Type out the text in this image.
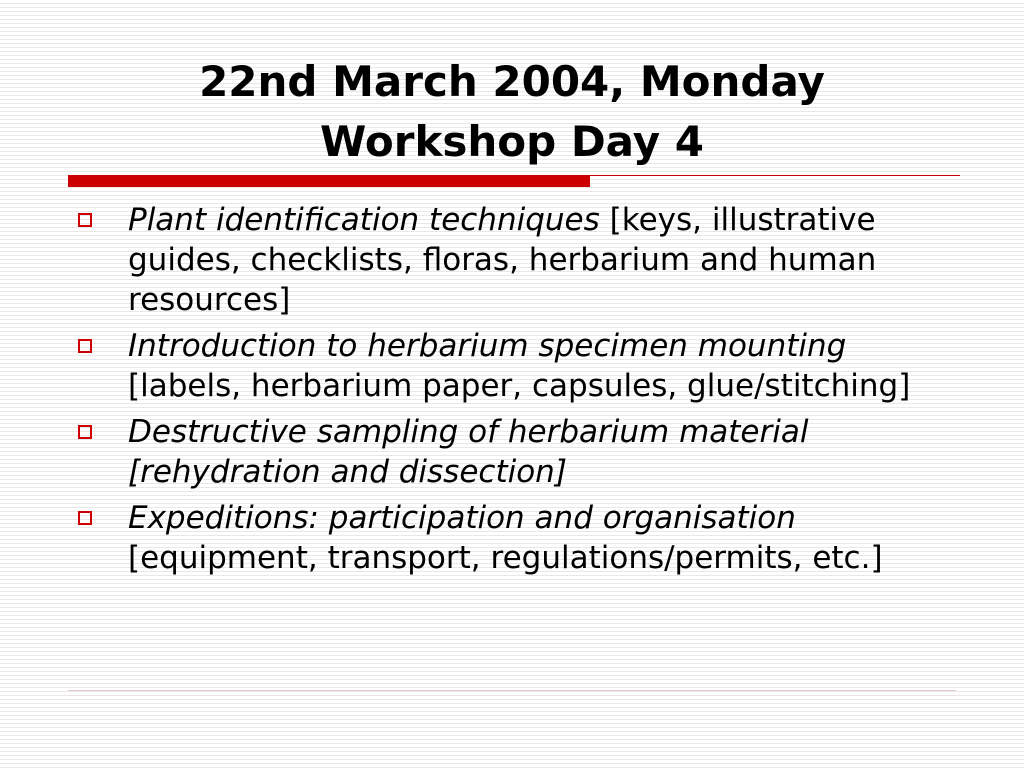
22nd March 2004, Monday
Workshop Day 4
Plant identification techniques [keys, illustrative guides, checklists, floras, herbarium and human resources]
Introduction to herbarium specimen mounting [labels, herbarium paper, capsules, glue/stitching]
Destructive sampling of herbarium material [rehydration and dissection]
Expeditions: participation and organisation [equipment, transport, regulations/permits, etc.]
